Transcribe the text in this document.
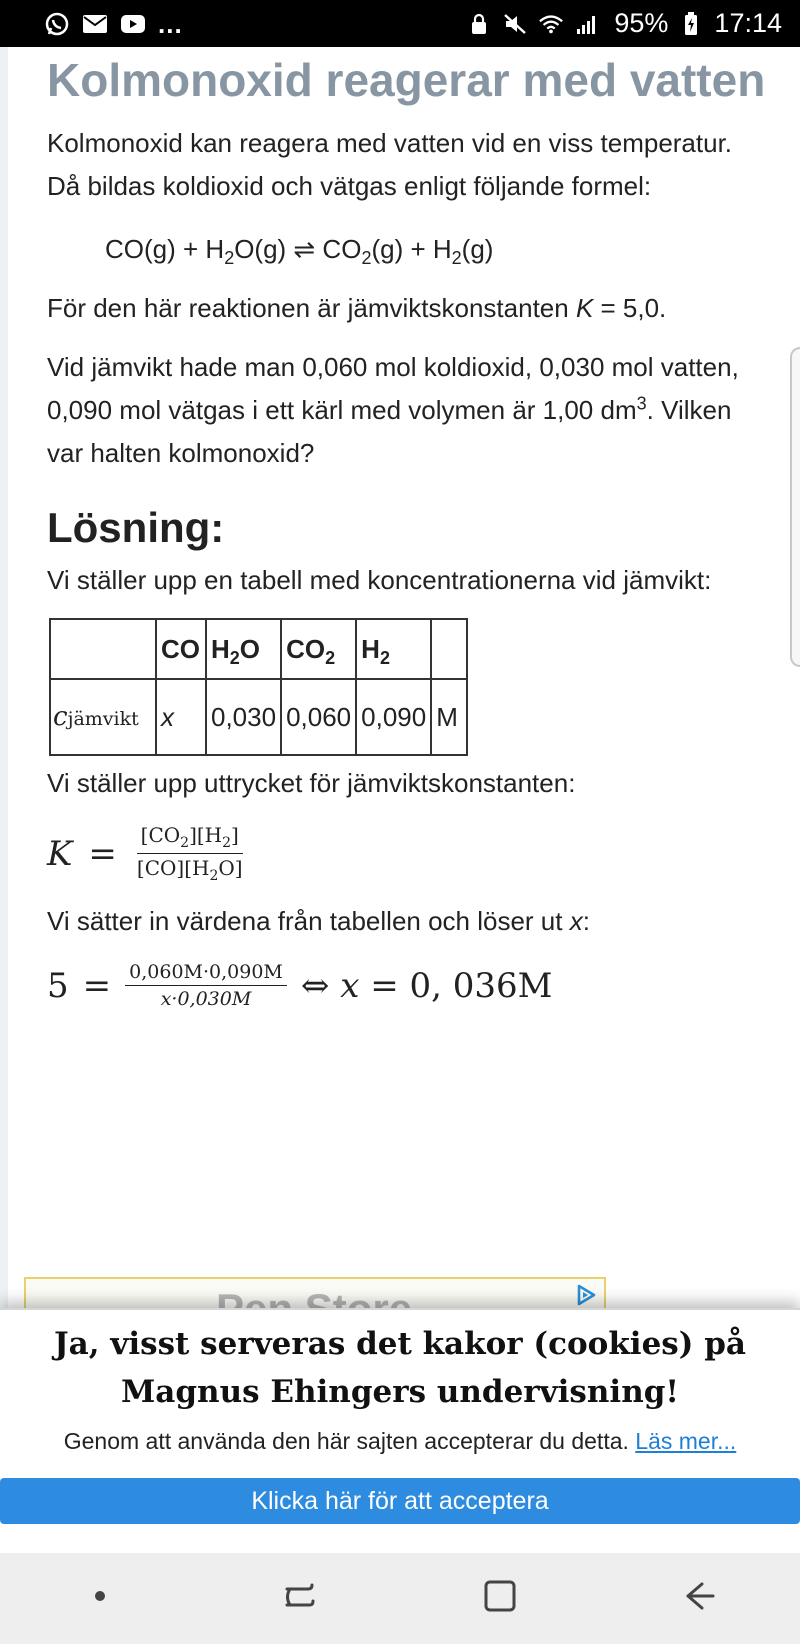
...	95% 17:14
Kolmonoxid reagerar med vatten

Kolmonoxid kan reagera med vatten vid en viss temperatur. Då bildas koldioxid och vätgas enligt följande formel:

$CO(g) + H_2O(g)$ ⇌ $CO_2(g) + H_2(g)$

För den här reaktionen är jämviktskonstanten K = 5,0.

Vid jämvikt hade man 0,060 mol koldioxid, 0,030 mol vatten, 0,090 mol vätgas i ett kärl med volymen är 1,00 $dm^3$. Vilken var halten kolmonoxid?

Lösning:

Vi ställer upp en tabell med koncentrationerna vid jämvikt:

	CO	$H_2O$	$CO_2$	$H_2$	
cjämvikt	x	0,030	0,060	0,090	M

Vi ställer upp uttrycket för jämviktskonstanten:

$K = \frac{[CO_2][H_2]}{[CO][H_2O]}$

Vi sätter in värdena från tabellen och löser ut x:

$5 = \frac{0,060M\cdot 0,090M}{x\cdot 0,030M}$ ⇔ x = 0, 036M
Ja, visst serveras det kakor (cookies) på Magnus Ehingers undervisning!
Genom att använda den här sajten accepterar du detta. Läs mer...
Klicka här för att acceptera
